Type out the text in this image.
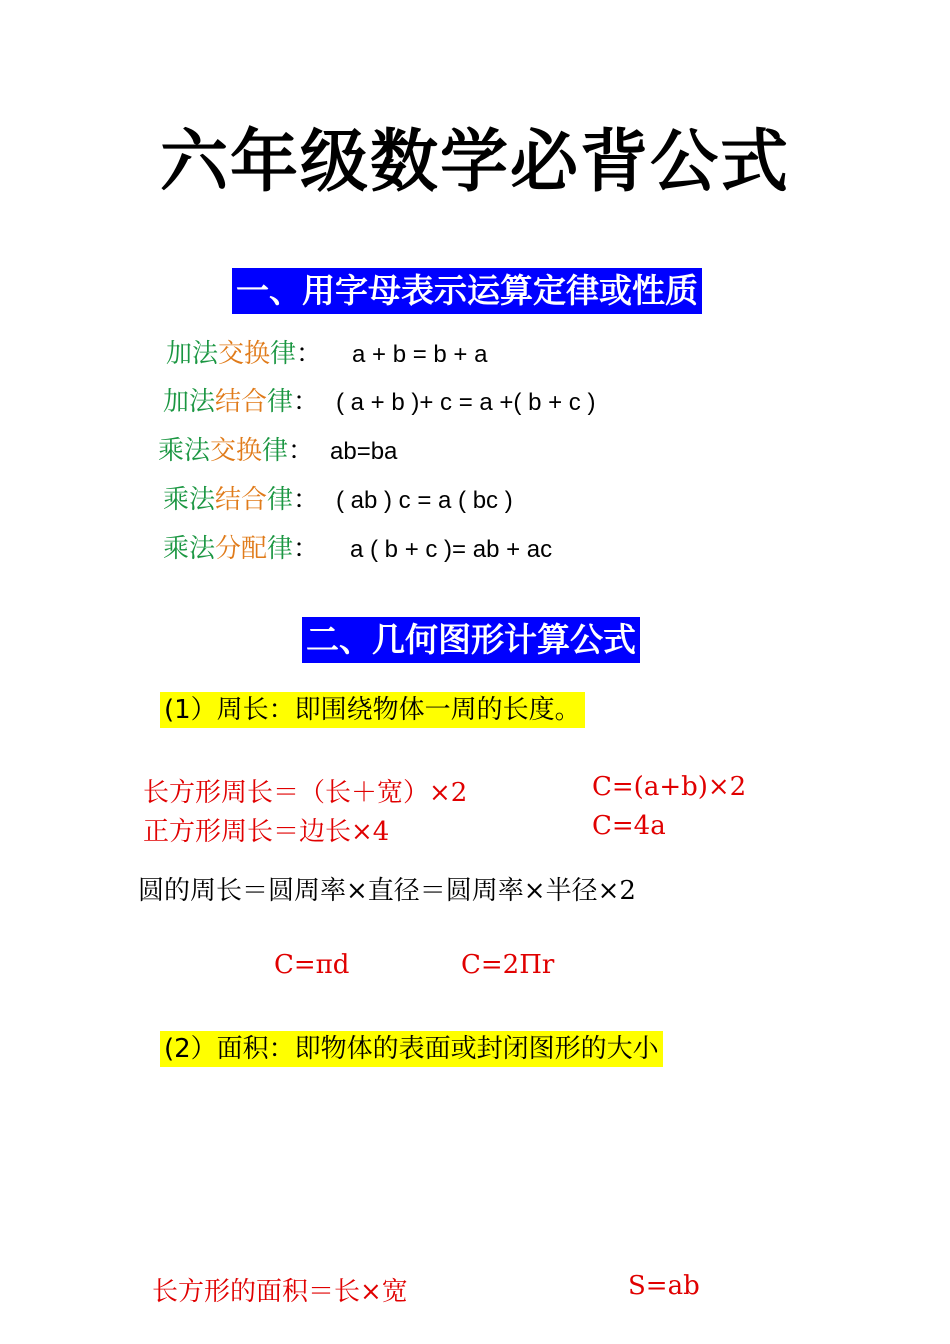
六年级数学必背公式
一、用字母表示运算定律或性质
加法交换律： a + b = b + a
加法结合律： ( a + b )+ c = a +( b + c )
乘法交换律： ab=ba
乘法结合律： ( ab ) c = a ( bc )
乘法分配律： a ( b + c )= ab + ac
二、几何图形计算公式
(1）周长：即围绕物体一周的长度。
长方形周长＝（长＋宽）×2	C=(a+b)×2
正方形周长＝边长×4	C=4a
圆的周长＝圆周率×直径＝圆周率×半径×2
C=πd	C=2Πr
(2）面积：即物体的表面或封闭图形的大小
长方形的面积＝长×宽	S=ab
